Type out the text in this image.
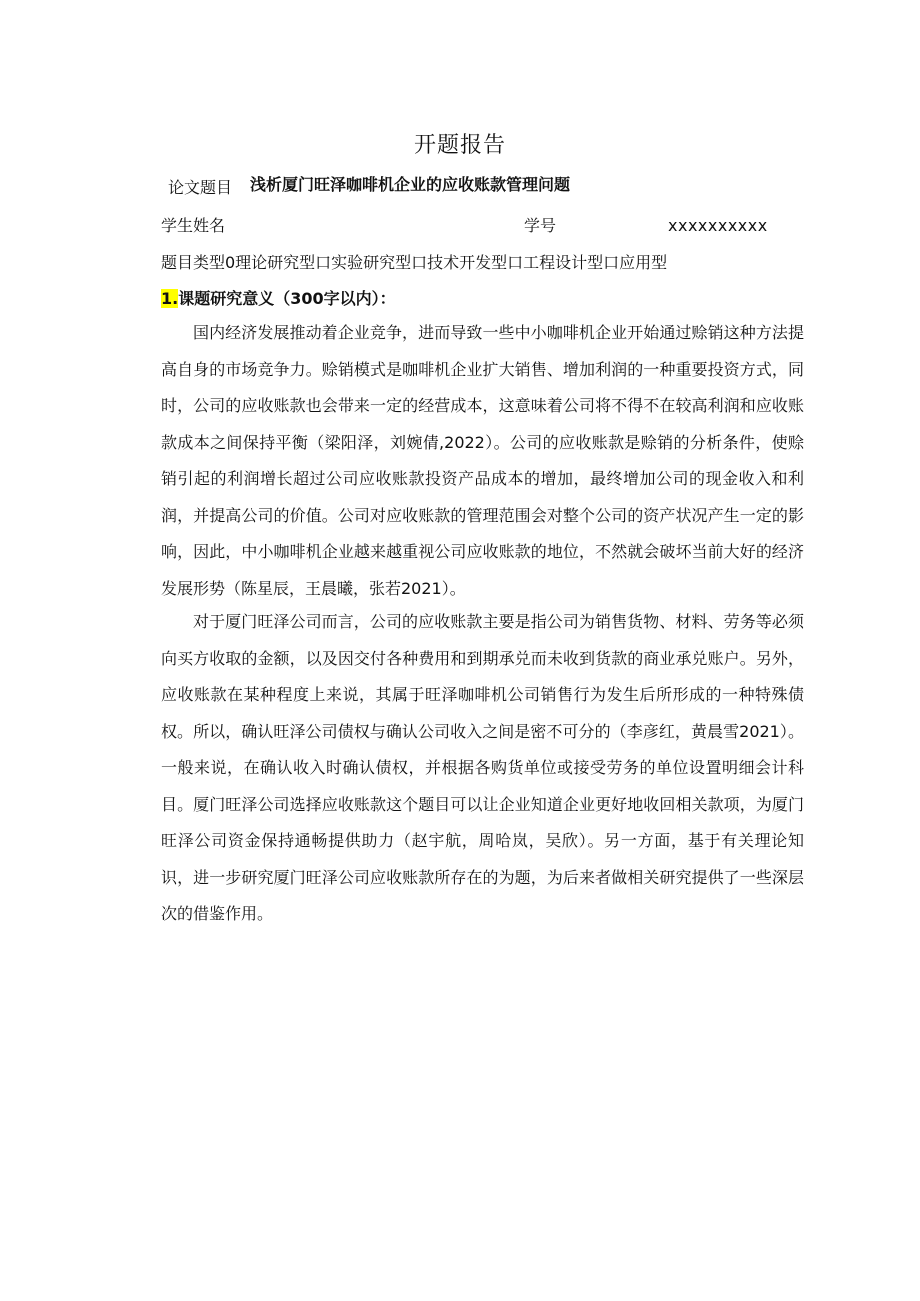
开题报告
论文题目 浅析厦门旺泽咖啡机企业的应收账款管理问题
学生姓名	学号	xxxxxxxxxx
题目类型0理论研究型口实验研究型口技术开发型口工程设计型口应用型
1.课题研究意义（300字以内）：

国内经济发展推动着企业竞争，进而导致一些中小咖啡机企业开始通过赊销这种方法提高自身的市场竞争力。赊销模式是咖啡机企业扩大销售、增加利润的一种重要投资方式，同时，公司的应收账款也会带来一定的经营成本，这意味着公司将不得不在较高利润和应收账款成本之间保持平衡（梁阳泽，刘婉倩,2022）。公司的应收账款是赊销的分析条件，使赊销引起的利润增长超过公司应收账款投资产品成本的增加，最终增加公司的现金收入和利润，并提高公司的价值。公司对应收账款的管理范围会对整个公司的资产状况产生一定的影响，因此，中小咖啡机企业越来越重视公司应收账款的地位，不然就会破坏当前大好的经济发展形势（陈星辰，王晨曦，张若2021）。

对于厦门旺泽公司而言，公司的应收账款主要是指公司为销售货物、材料、劳务等必须向买方收取的金额，以及因交付各种费用和到期承兑而未收到货款的商业承兑账户。另外，应收账款在某种程度上来说，其属于旺泽咖啡机公司销售行为发生后所形成的一种特殊债权。所以，确认旺泽公司债权与确认公司收入之间是密不可分的（李彦红，黄晨雪2021）。一般来说，在确认收入时确认债权，并根据各购货单位或接受劳务的单位设置明细会计科目。厦门旺泽公司选择应收账款这个题目可以让企业知道企业更好地收回相关款项，为厦门旺泽公司资金保持通畅提供助力（赵宇航，周哈岚，吴欣）。另一方面，基于有关理论知识，进一步研究厦门旺泽公司应收账款所存在的为题，为后来者做相关研究提供了一些深层次的借鉴作用。
